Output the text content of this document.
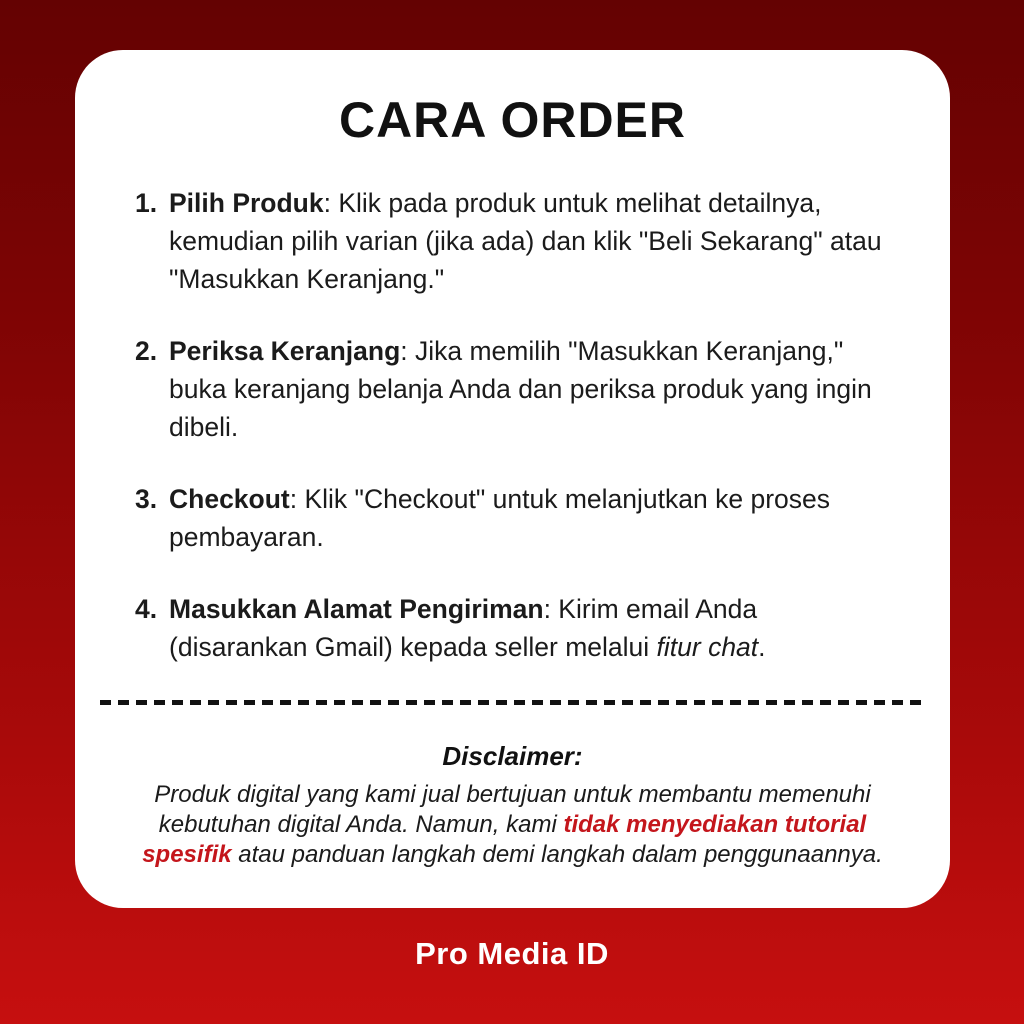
CARA ORDER
1. Pilih Produk: Klik pada produk untuk melihat detailnya, kemudian pilih varian (jika ada) dan klik "Beli Sekarang" atau "Masukkan Keranjang."
2. Periksa Keranjang: Jika memilih "Masukkan Keranjang," buka keranjang belanja Anda dan periksa produk yang ingin dibeli.
3. Checkout: Klik "Checkout" untuk melanjutkan ke proses pembayaran.
4. Masukkan Alamat Pengiriman: Kirim email Anda (disarankan Gmail) kepada seller melalui fitur chat.
Disclaimer:
Produk digital yang kami jual bertujuan untuk membantu memenuhi kebutuhan digital Anda. Namun, kami tidak menyediakan tutorial spesifik atau panduan langkah demi langkah dalam penggunaannya.
Pro Media ID
